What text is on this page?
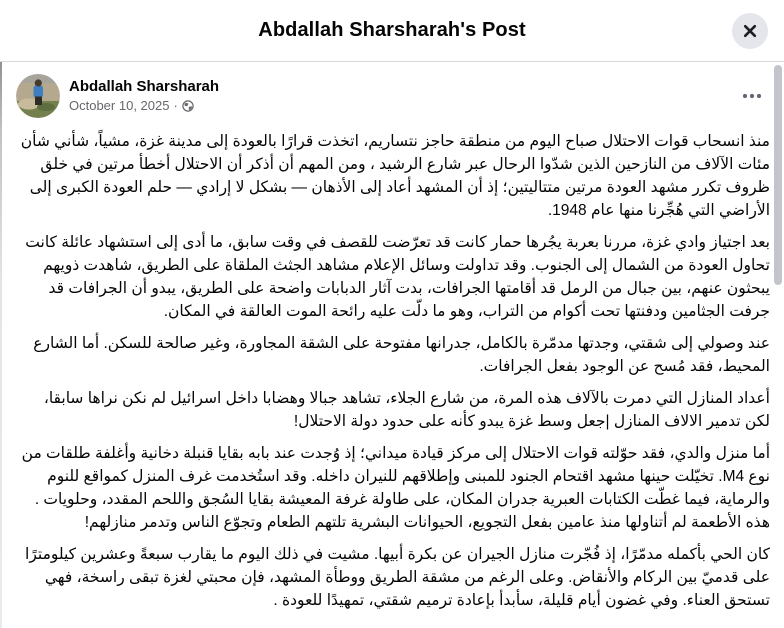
Abdallah Sharsharah's Post
Abdallah Sharsharah
October 10, 2025 ·

منذ انسحاب قوات الاحتلال صباح اليوم من منطقة حاجز نتساريم، اتخذت قرارًا بالعودة إلى مدينة غزة، مشياً، شأني شأن مئات الآلاف من النازحين الذين شدّوا الرحال عبر شارع الرشيد ، ومن المهم أن أذكر أن الاحتلال أخطأ مرتين في خلق ظروف تكرر مشهد العودة مرتين متتاليتين؛ إذ أن المشهد أعاد إلى الأذهان — بشكل لا إرادي — حلم العودة الكبرى إلى الأراضي التي هُجِّرنا منها عام 1948.

بعد اجتياز وادي غزة، مررنا بعربة يجُرها حمار كانت قد تعرّضت للقصف في وقت سابق، ما أدى إلى استشهاد عائلة كانت تحاول العودة من الشمال إلى الجنوب. وقد تداولت وسائل الإعلام مشاهد الجثث الملقاة على الطريق، شاهدت ذويهم يبحثون عنهم، بين جبال من الرمل قد أقامتها الجرافات، بدت آثار الدبابات واضحة على الطريق، يبدو أن الجرافات قد جرفت الجثامين ودفنتها تحت أكوام من التراب، وهو ما دلّت عليه رائحة الموت العالقة في المكان.

عند وصولي إلى شقتي، وجدتها مدمّرة بالكامل، جدرانها مفتوحة على الشقة المجاورة، وغير صالحة للسكن. أما الشارع المحيط، فقد مُسح عن الوجود بفعل الجرافات.

أعداد المنازل التي دمرت بالآلاف هذه المرة، من شارع الجلاء، تشاهد جبالا وهضابا داخل اسرائيل لم نكن نراها سابقا، لكن تدمير الالاف المنازل |جعل وسط غزة يبدو كأنه على حدود دولة الاحتلال!

أما منزل والدي، فقد حوّلته قوات الاحتلال إلى مركز قيادة ميداني؛ إذ وُجدت عند بابه بقايا قنبلة دخانية وأغلفة طلقات من نوع M4. تخيّلت حينها مشهد اقتحام الجنود للمبنى وإطلاقهم للنيران داخله. وقد استُخدمت غرف المنزل كمواقع للنوم والرماية، فيما غطّت الكتابات العبرية جدران المكان، على طاولة غرفة المعيشة بقايا السُجق واللحم المقدد، وحلويات . هذه الأطعمة لم أتناولها منذ عامين بفعل التجويع، الحيوانات البشرية تلتهم الطعام وتجوّع الناس وتدمر منازلهم!

كان الحي بأكمله مدمّرًا، إذ فُجّرت منازل الجيران عن بكرة أبيها. مشيت في ذلك اليوم ما يقارب سبعةً وعشرين كيلومترًا على قدميّ بين الركام والأنقاض. وعلى الرغم من مشقة الطريق ووطأة المشهد، فإن محبتي لغزة تبقى راسخة، فهي تستحق العناء. وفي غضون أيام قليلة، سأبدأ بإعادة ترميم شقتي، تمهيدًا للعودة .
